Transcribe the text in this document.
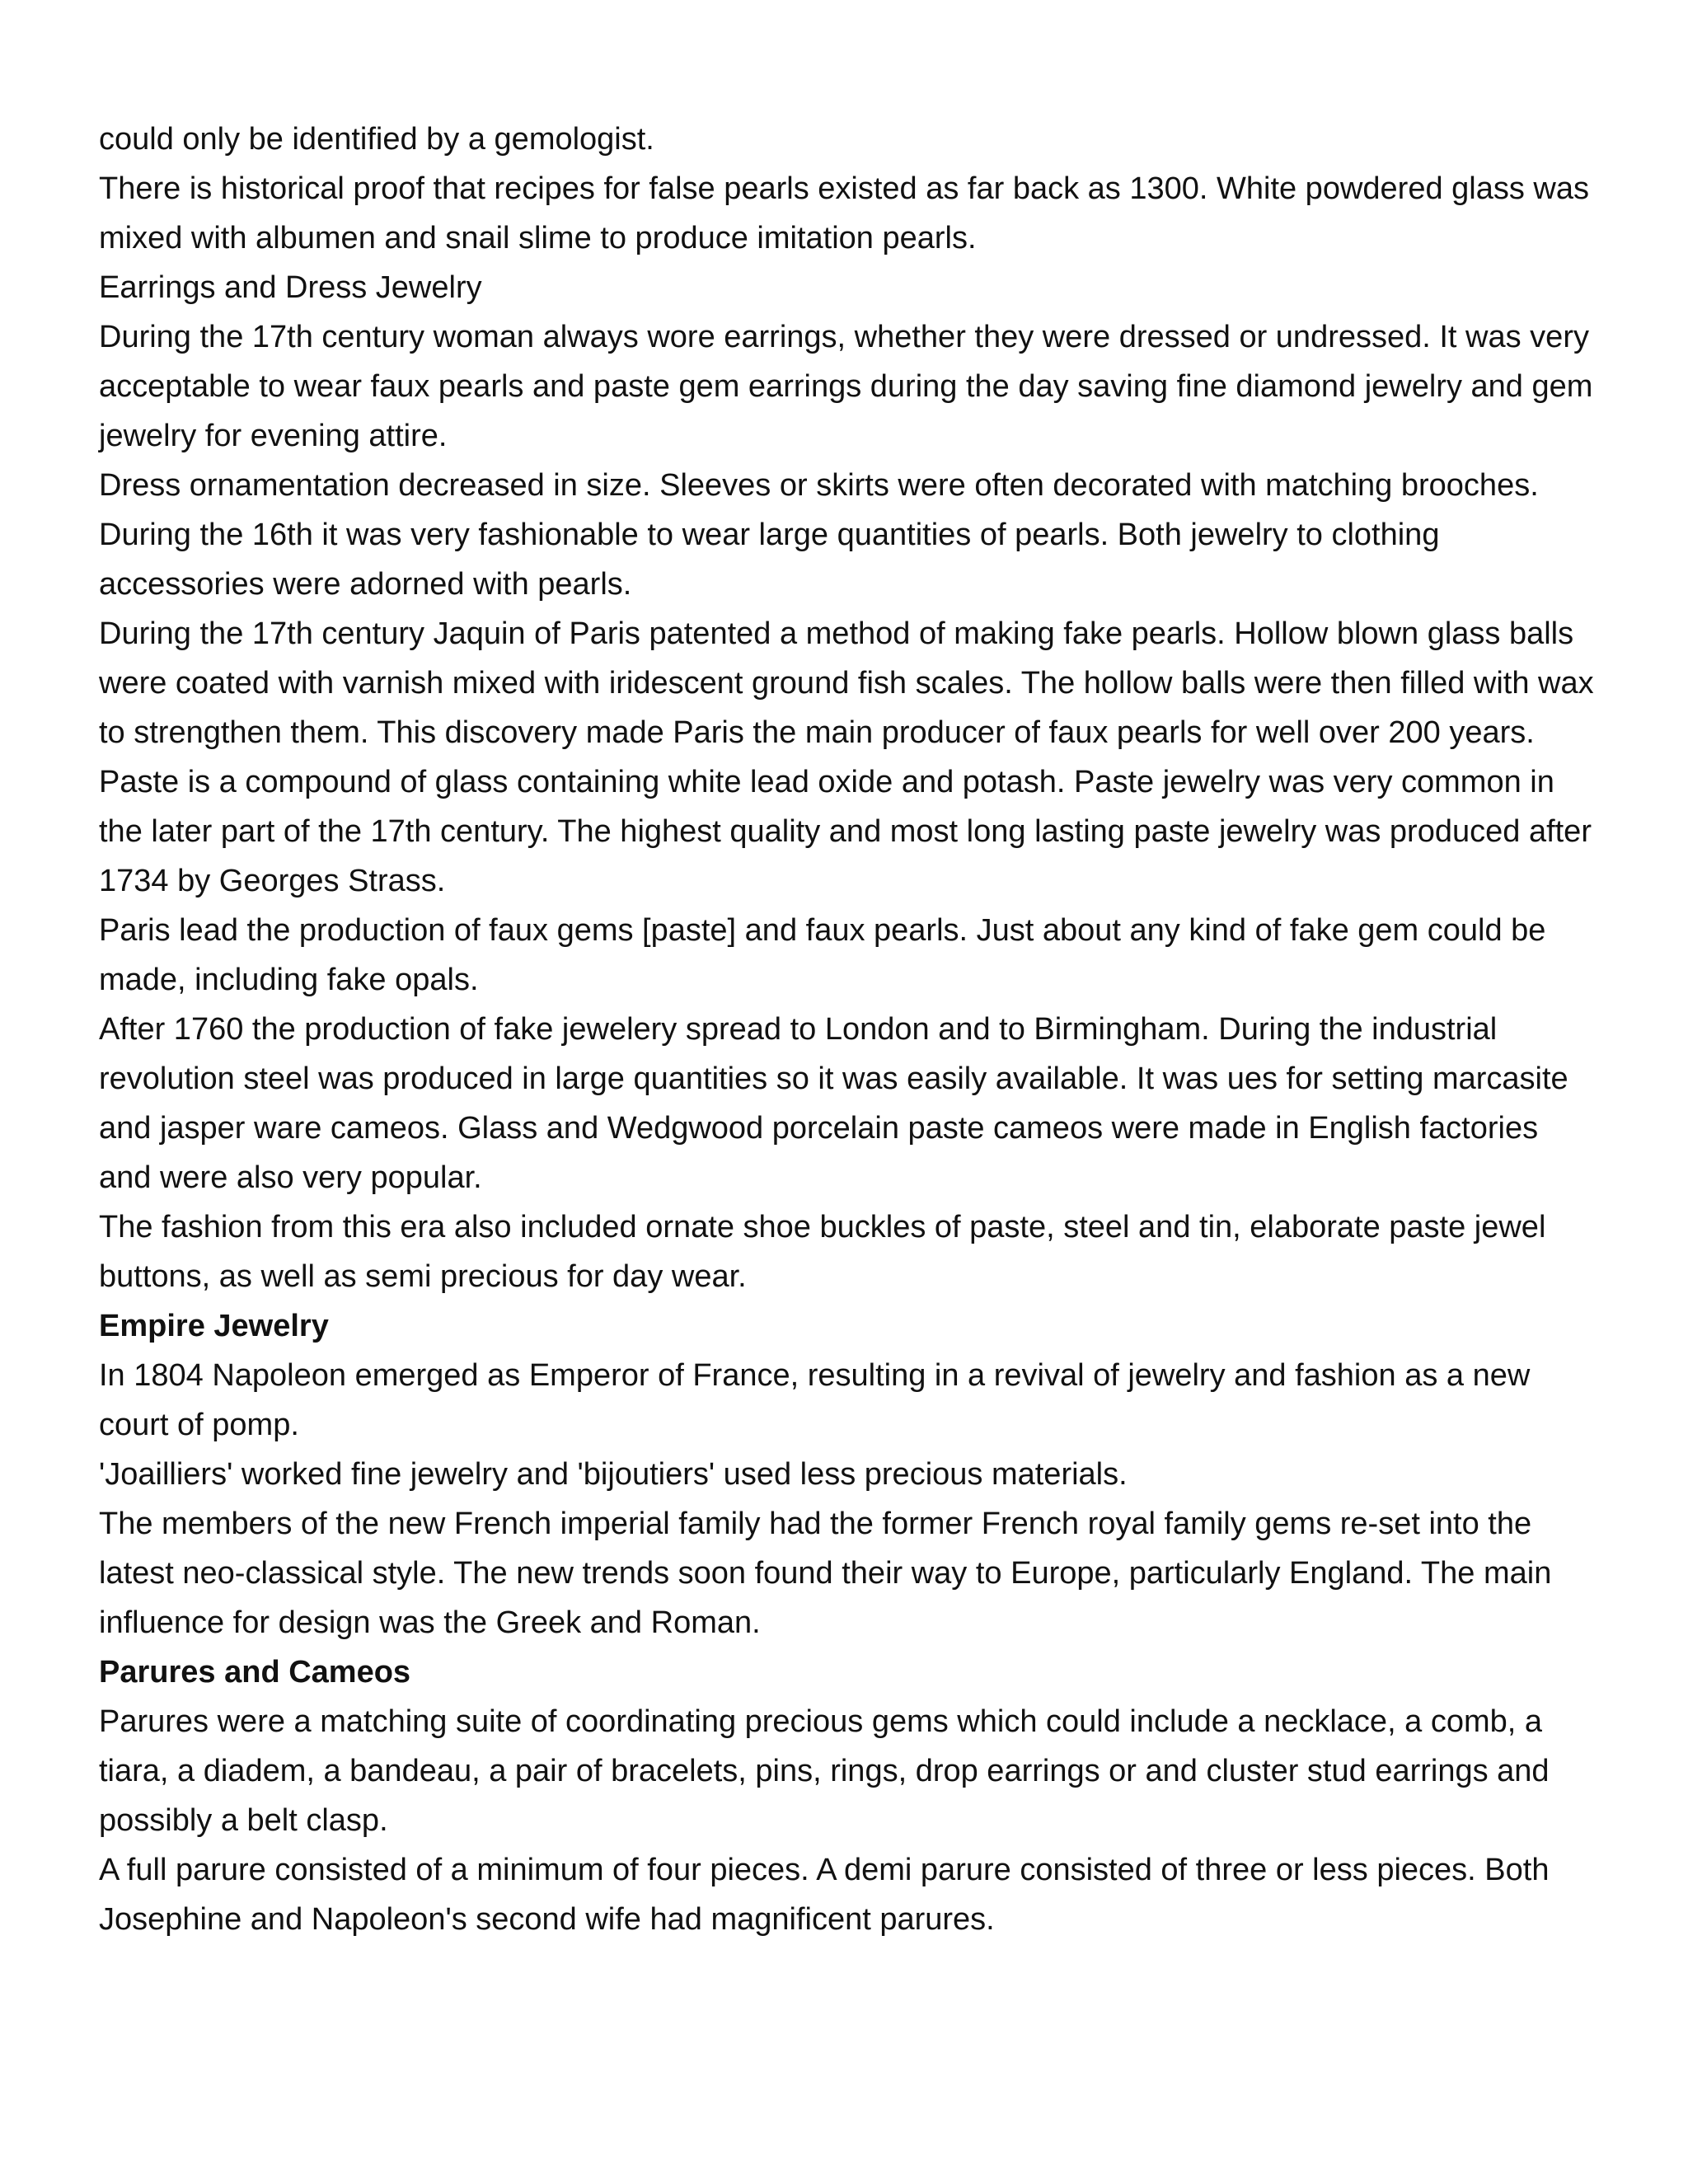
could only be identified by a gemologist.

There is historical proof that recipes for false pearls existed as far back as 1300. White powdered glass was mixed with albumen and snail slime to produce imitation pearls.

Earrings and Dress Jewelry

During the 17th century woman always wore earrings, whether they were dressed or undressed. It was very acceptable to wear faux pearls and paste gem earrings during the day saving fine diamond jewelry and gem jewelry for evening attire.

Dress ornamentation decreased in size. Sleeves or skirts were often decorated with matching brooches.

During the 16th it was very fashionable to wear large quantities of pearls. Both jewelry to clothing accessories were adorned with pearls.

During the 17th century Jaquin of Paris patented a method of making fake pearls. Hollow blown glass balls were coated with varnish mixed with iridescent ground fish scales. The hollow balls were then filled with wax to strengthen them. This discovery made Paris the main producer of faux pearls for well over 200 years.

Paste is a compound of glass containing white lead oxide and potash. Paste jewelry was very common in the later part of the 17th century. The highest quality and most long lasting paste jewelry was produced after 1734 by Georges Strass.

Paris lead the production of faux gems [paste] and faux pearls. Just about any kind of fake gem could be made, including fake opals.

After 1760 the production of fake jewelery spread to London and to Birmingham. During the industrial revolution steel was produced in large quantities so it was easily available. It was ues for setting marcasite and jasper ware cameos. Glass and Wedgwood porcelain paste cameos were made in English factories and were also very popular.

The fashion from this era also included ornate shoe buckles of paste, steel and tin, elaborate paste jewel buttons, as well as semi precious for day wear.

Empire Jewelry

In 1804 Napoleon emerged as Emperor of France, resulting in a revival of jewelry and fashion as a new court of pomp.

'Joailliers' worked fine jewelry and 'bijoutiers' used less precious materials.

The members of the new French imperial family had the former French royal family gems re-set into the latest neo-classical style. The new trends soon found their way to Europe, particularly England. The main influence for design was the Greek and Roman.

Parures and Cameos

Parures were a matching suite of coordinating precious gems which could include a necklace, a comb, a tiara, a diadem, a bandeau, a pair of bracelets, pins, rings, drop earrings or and cluster stud earrings and possibly a belt clasp.

A full parure consisted of a minimum of four pieces. A demi parure consisted of three or less pieces. Both Josephine and Napoleon's second wife had magnificent parures.
